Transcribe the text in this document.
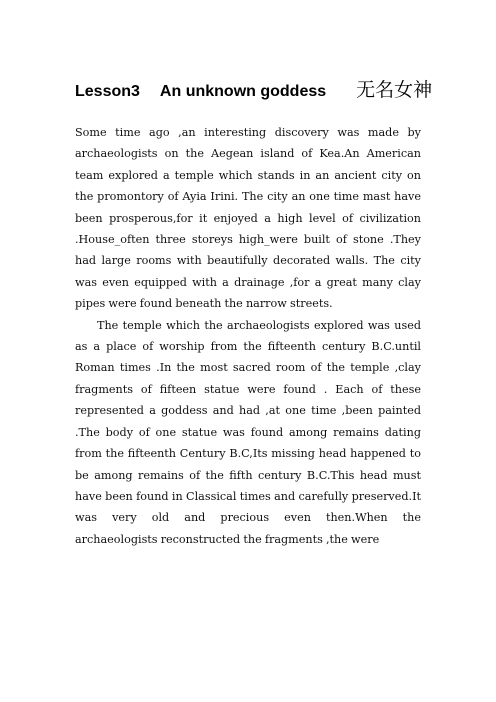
Lesson3 An unknown goddess 无名女神

Some time ago ,an interesting discovery was made by archaeologists on the Aegean island of Kea.An American team explored a temple which stands in an ancient city on the promontory of Ayia Irini. The city an one time mast have been prosperous,for it enjoyed a high level of civilization .House_often three storeys high_were built of stone .They had large rooms with beautifully decorated walls. The city was even equipped with a drainage ,for a great many clay pipes were found beneath the narrow streets.

The temple which the archaeologists explored was used as a place of worship from the fifteenth century B.C.until Roman times .In the most sacred room of the temple ,clay fragments of fifteen statue were found . Each of these represented a goddess and had ,at one time ,been painted .The body of one statue was found among remains dating from the fifteenth Century B.C,Its missing head happened to be among remains of the fifth century B.C.This head must have been found in Classical times and carefully preserved.It was very old and precious even then.When the archaeologists reconstructed the fragments ,the were
